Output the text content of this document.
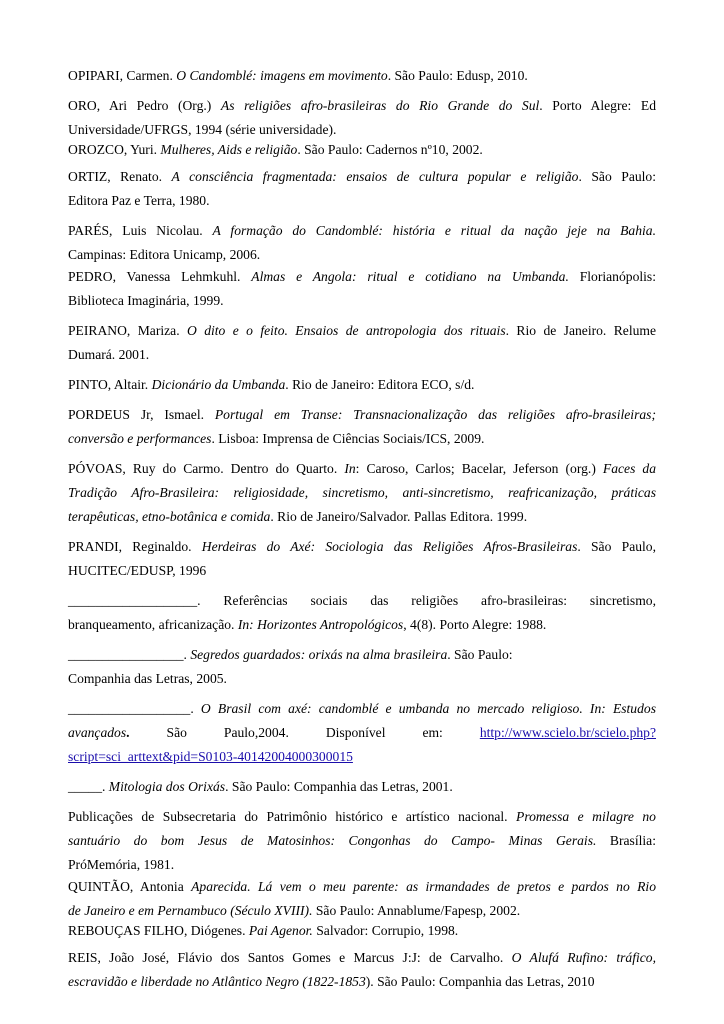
OPIPARI, Carmen. O Candomblé: imagens em movimento. São Paulo: Edusp, 2010.

ORO, Ari Pedro (Org.) As religiões afro-brasileiras do Rio Grande do Sul. Porto Alegre: Ed
Universidade/UFRGS, 1994 (série universidade).

OROZCO, Yuri. Mulheres, Aids e religião. São Paulo: Cadernos nº10, 2002.

ORTIZ, Renato. A consciência fragmentada: ensaios de cultura popular e religião. São Paulo:
Editora Paz e Terra, 1980.

PARÉS, Luis Nicolau. A formação do Candomblé: história e ritual da nação jeje na Bahia.
Campinas: Editora Unicamp, 2006.

PEDRO, Vanessa Lehmkuhl. Almas e Angola: ritual e cotidiano na Umbanda. Florianópolis:
Biblioteca Imaginária, 1999.

PEIRANO, Mariza. O dito e o feito. Ensaios de antropologia dos rituais. Rio de Janeiro. Relume
Dumará. 2001.

PINTO, Altair. Dicionário da Umbanda. Rio de Janeiro: Editora ECO, s/d.

PORDEUS Jr, Ismael. Portugal em Transe: Transnacionalização das religiões afro-brasileiras;
conversão e performances. Lisboa: Imprensa de Ciências Sociais/ICS, 2009.

PÓVOAS, Ruy do Carmo. Dentro do Quarto. In: Caroso, Carlos; Bacelar, Jeferson (org.) Faces da
Tradição Afro-Brasileira: religiosidade, sincretismo, anti-sincretismo, reafricanização, práticas
terapêuticas, etno-botânica e comida. Rio de Janeiro/Salvador. Pallas Editora. 1999.

PRANDI, Reginaldo. Herdeiras do Axé: Sociologia das Religiões Afros-Brasileiras. São Paulo,
HUCITEC/EDUSP, 1996

___________________. Referências sociais das religiões afro-brasileiras: sincretismo,
branqueamento, africanização. In: Horizontes Antropológicos, 4(8). Porto Alegre: 1988.

_________________. Segredos guardados: orixás na alma brasileira. São Paulo:
Companhia das Letras, 2005.

__________________. O Brasil com axé: candomblé e umbanda no mercado religioso. In: Estudos
avançados. São Paulo,2004. Disponível em: http://www.scielo.br/scielo.php?
script=sci_arttext&pid=S0103-40142004000300015

_____. Mitologia dos Orixás. São Paulo: Companhia das Letras, 2001.

Publicações de Subsecretaria do Patrimônio histórico e artístico nacional. Promessa e milagre no
santuário do bom Jesus de Matosinhos: Congonhas do Campo- Minas Gerais. Brasília:
PróMemória, 1981.

QUINTÃO, Antonia Aparecida. Lá vem o meu parente: as irmandades de pretos e pardos no Rio
de Janeiro e em Pernambuco (Século XVIII). São Paulo: Annablume/Fapesp, 2002.

REBOUÇAS FILHO, Diógenes. Pai Agenor. Salvador: Corrupio, 1998.

REIS, João José, Flávio dos Santos Gomes e Marcus J:J: de Carvalho. O Alufá Rufino: tráfico,
escravidão e liberdade no Atlântico Negro (1822-1853). São Paulo: Companhia das Letras, 2010
